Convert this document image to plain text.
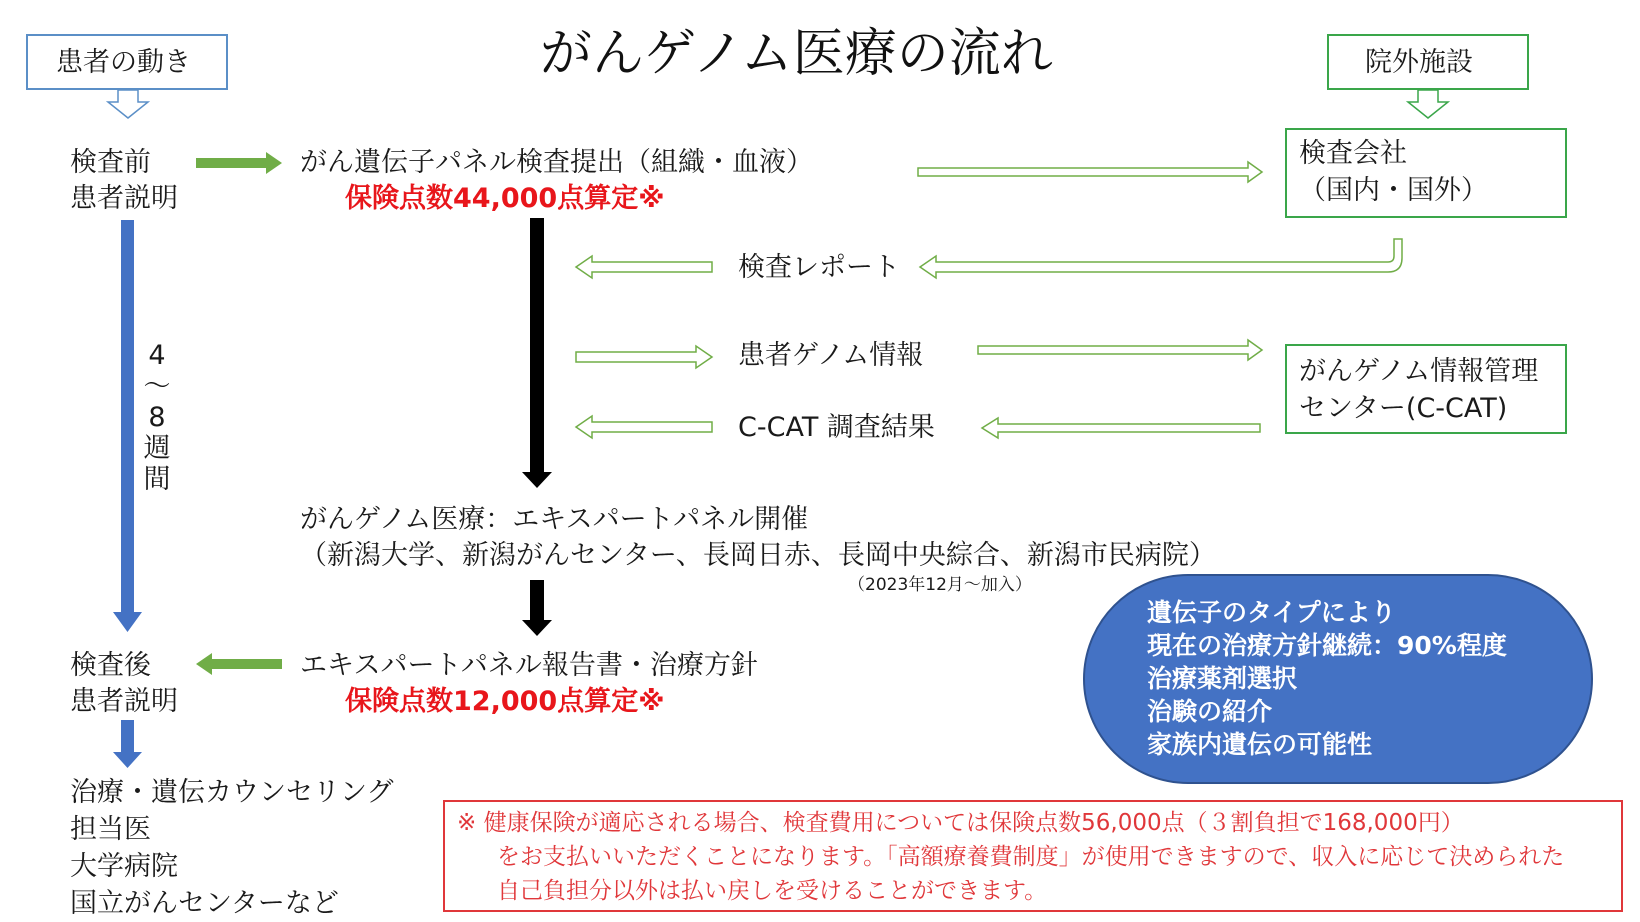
がんゲノム医療の流れ
患者の動き	院外施設
検査前
患者説明
がん遺伝子パネル検査提出（組織・血液）
保険点数44,000点算定※
検査会社
（国内・国外）
検査レポート
患者ゲノム情報
がんゲノム情報管理
センター(C-CAT)
C-CAT 調査結果
4
〜
8
週
間
がんゲノム医療：エキスパートパネル開催
（新潟大学、新潟がんセンター、長岡日赤、長岡中央綜合、新潟市民病院）
（2023年12月〜加入）
検査後
患者説明
エキスパートパネル報告書・治療方針
保険点数12,000点算定※
治療・遺伝カウンセリング
担当医
大学病院
国立がんセンターなど
遺伝子のタイプにより
現在の治療方針継続：90%程度
治療薬剤選択
治験の紹介
家族内遺伝の可能性
※ 健康保険が適応される場合、検査費用については保険点数56,000点（３割負担で168,000円）
をお支払いいただくことになります。「高額療養費制度」が使用できますので、収入に応じて決められた
自己負担分以外は払い戻しを受けることができます。
